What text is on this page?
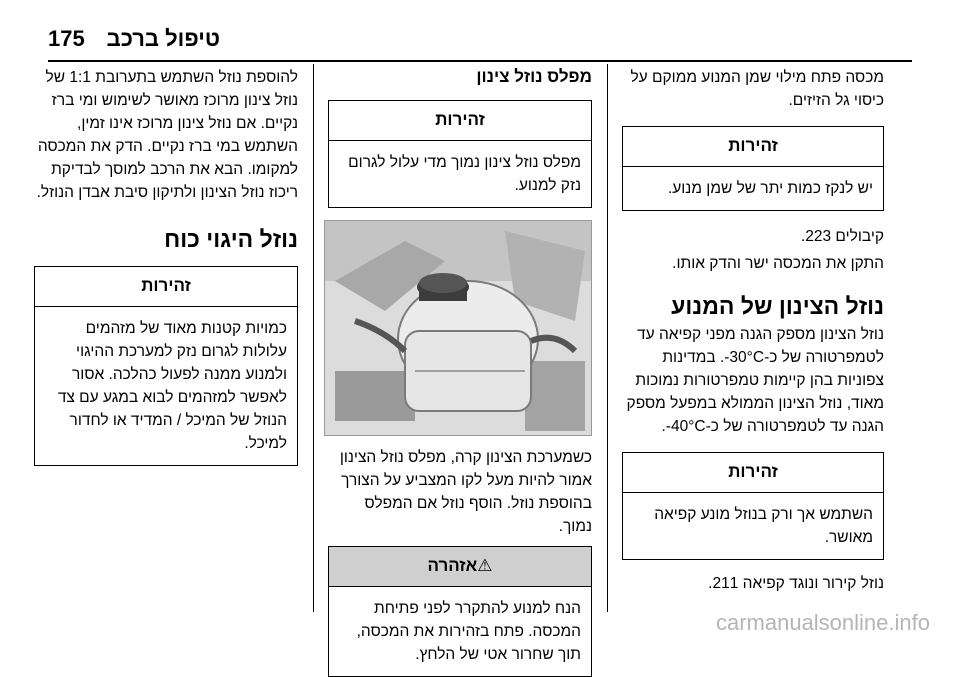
טיפול ברכב
175

מכסה פתח מילוי שמן המנוע ממוקם על
כיסוי גל הזיזים.

זהירות
יש לנקז כמות יתר של שמן מנוע.

קיבולים 223.

התקן את המכסה ישר והדק אותו.

נוזל הצינון של המנוע

נוזל הצינון מספק הגנה מפני קפיאה עד
לטמפרטורה של כ-30°C-. במדינות
צפוניות בהן קיימות טמפרטורות נמוכות
מאוד, נוזל הצינון הממולא במפעל מספק
הגנה עד לטמפרטורה של כ-40°C-.

זהירות
השתמש אך ורק בנוזל מונע קפיאה
מאושר.

נוזל קירור ונוגד קפיאה 211.

מפלס נוזל צינון
זהירות
מפלס נוזל צינון נמוך מדי עלול לגרום
נזק למנוע.

כשמערכת הצינון קרה, מפלס נוזל הצינון
אמור להיות מעל לקו המצביע על הצורך
בהוספת נוזל. הוסף נוזל אם המפלס נמוך.

⚠אזהרה
הנח למנוע להתקרר לפני פתיחת
המכסה. פתח בזהירות את המכסה,
תוך שחרור אטי של הלחץ.

להוספת נוזל השתמש בתערובת 1:1 של
נוזל צינון מרוכז מאושר לשימוש ומי ברז
נקיים. אם נוזל צינון מרוכז אינו זמין,
השתמש במי ברז נקיים. הדק את המכסה
למקומו. הבא את הרכב למוסך לבדיקת
ריכוז נוזל הצינון ולתיקון סיבת אבדן הנוזל.

נוזל היגוי כוח
זהירות
כמויות קטנות מאוד של מזהמים
עלולות לגרום נזק למערכת ההיגוי
ולמנוע ממנה לפעול כהלכה. אסור
לאפשר למזהמים לבוא במגע עם צד
הנוזל של המיכל / המדיד או לחדור
למיכל.
carmanualsonline.info
